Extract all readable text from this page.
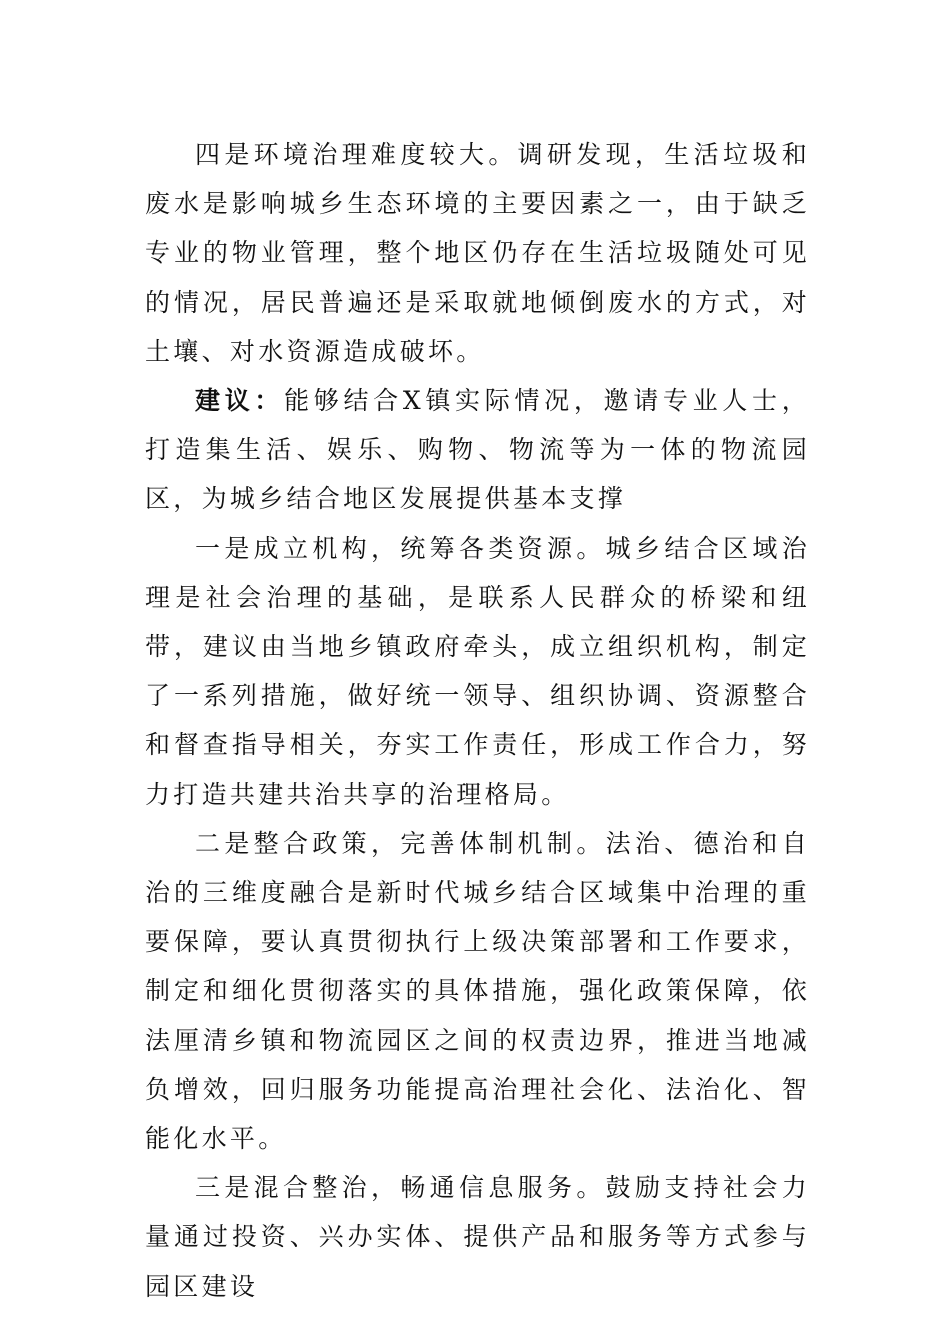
四是环境治理难度较大。调研发现，生活垃圾和废水是影响城乡生态环境的主要因素之一，由于缺乏专业的物业管理，整个地区仍存在生活垃圾随处可见的情况，居民普遍还是采取就地倾倒废水的方式，对土壤、对水资源造成破坏。

建议：能够结合X镇实际情况，邀请专业人士，打造集生活、娱乐、购物、物流等为一体的物流园区，为城乡结合地区发展提供基本支撑

一是成立机构，统筹各类资源。城乡结合区域治理是社会治理的基础，是联系人民群众的桥梁和纽带，建议由当地乡镇政府牵头，成立组织机构，制定了一系列措施，做好统一领导、组织协调、资源整合和督查指导相关，夯实工作责任，形成工作合力，努力打造共建共治共享的治理格局。

二是整合政策，完善体制机制。法治、德治和自治的三维度融合是新时代城乡结合区域集中治理的重要保障，要认真贯彻执行上级决策部署和工作要求，制定和细化贯彻落实的具体措施，强化政策保障，依法厘清乡镇和物流园区之间的权责边界，推进当地减负增效，回归服务功能提高治理社会化、法治化、智能化水平。

三是混合整治，畅通信息服务。鼓励支持社会力量通过投资、兴办实体、提供产品和服务等方式参与园区建设
